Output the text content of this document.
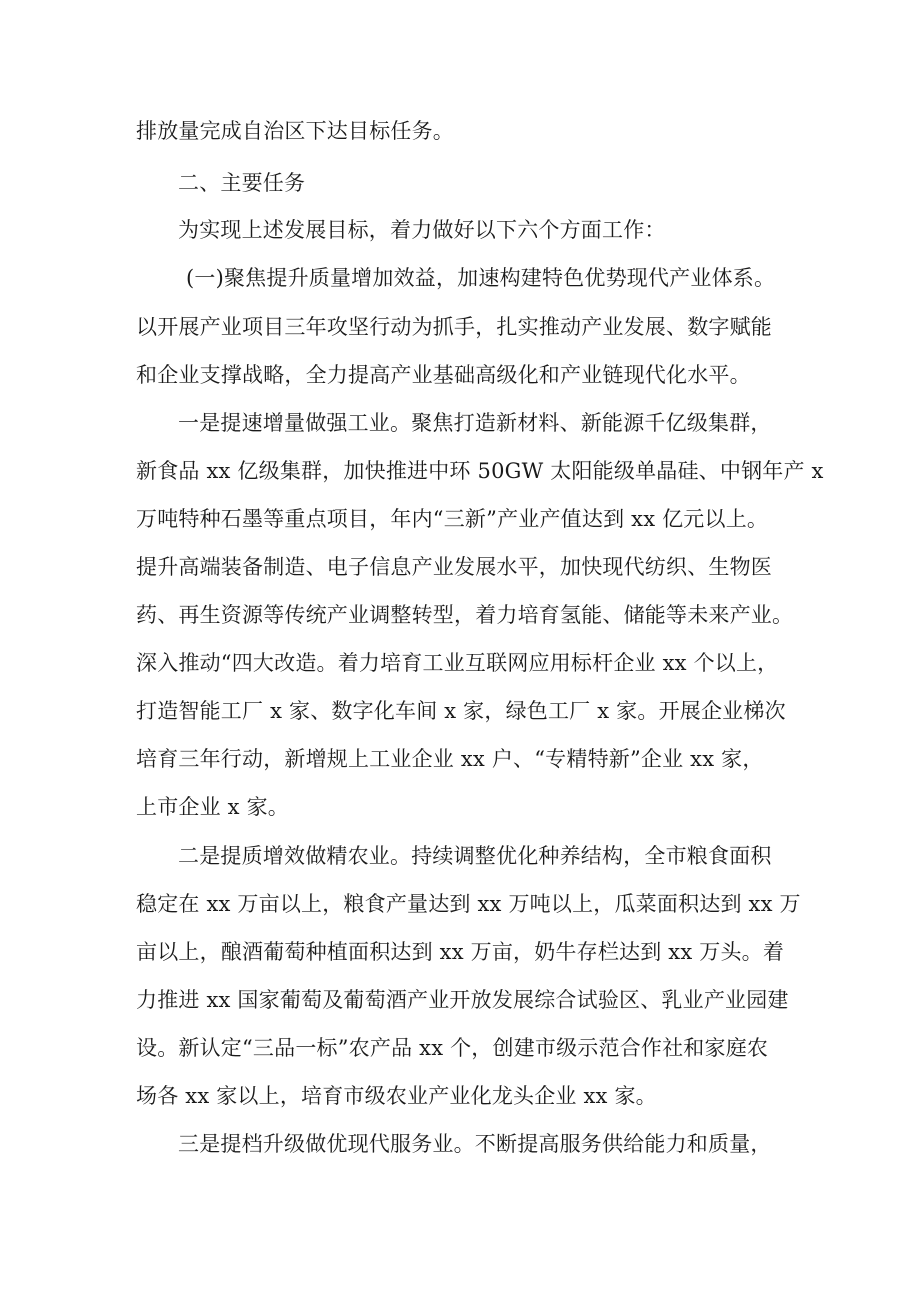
排放量完成自治区下达目标任务。
二、主要任务
为实现上述发展目标，着力做好以下六个方面工作：
(一)聚焦提升质量增加效益，加速构建特色优势现代产业体系。
以开展产业项目三年攻坚行动为抓手，扎实推动产业发展、数字赋能
和企业支撑战略，全力提高产业基础高级化和产业链现代化水平。
一是提速增量做强工业。聚焦打造新材料、新能源千亿级集群，
新食品 xx 亿级集群，加快推进中环 50GW 太阳能级单晶硅、中钢年产 x
万吨特种石墨等重点项目，年内“三新”产业产值达到 xx 亿元以上。
提升高端装备制造、电子信息产业发展水平，加快现代纺织、生物医
药、再生资源等传统产业调整转型，着力培育氢能、储能等未来产业。
深入推动“四大改造。着力培育工业互联网应用标杆企业 xx 个以上，
打造智能工厂 x 家、数字化车间 x 家，绿色工厂 x 家。开展企业梯次
培育三年行动，新增规上工业企业 xx 户、“专精特新”企业 xx 家，
上市企业 x 家。
二是提质增效做精农业。持续调整优化种养结构，全市粮食面积
稳定在 xx 万亩以上，粮食产量达到 xx 万吨以上，瓜菜面积达到 xx 万
亩以上，酿酒葡萄种植面积达到 xx 万亩，奶牛存栏达到 xx 万头。着
力推进 xx 国家葡萄及葡萄酒产业开放发展综合试验区、乳业产业园建
设。新认定“三品一标”农产品 xx 个，创建市级示范合作社和家庭农
场各 xx 家以上，培育市级农业产业化龙头企业 xx 家。
三是提档升级做优现代服务业。不断提高服务供给能力和质量，
